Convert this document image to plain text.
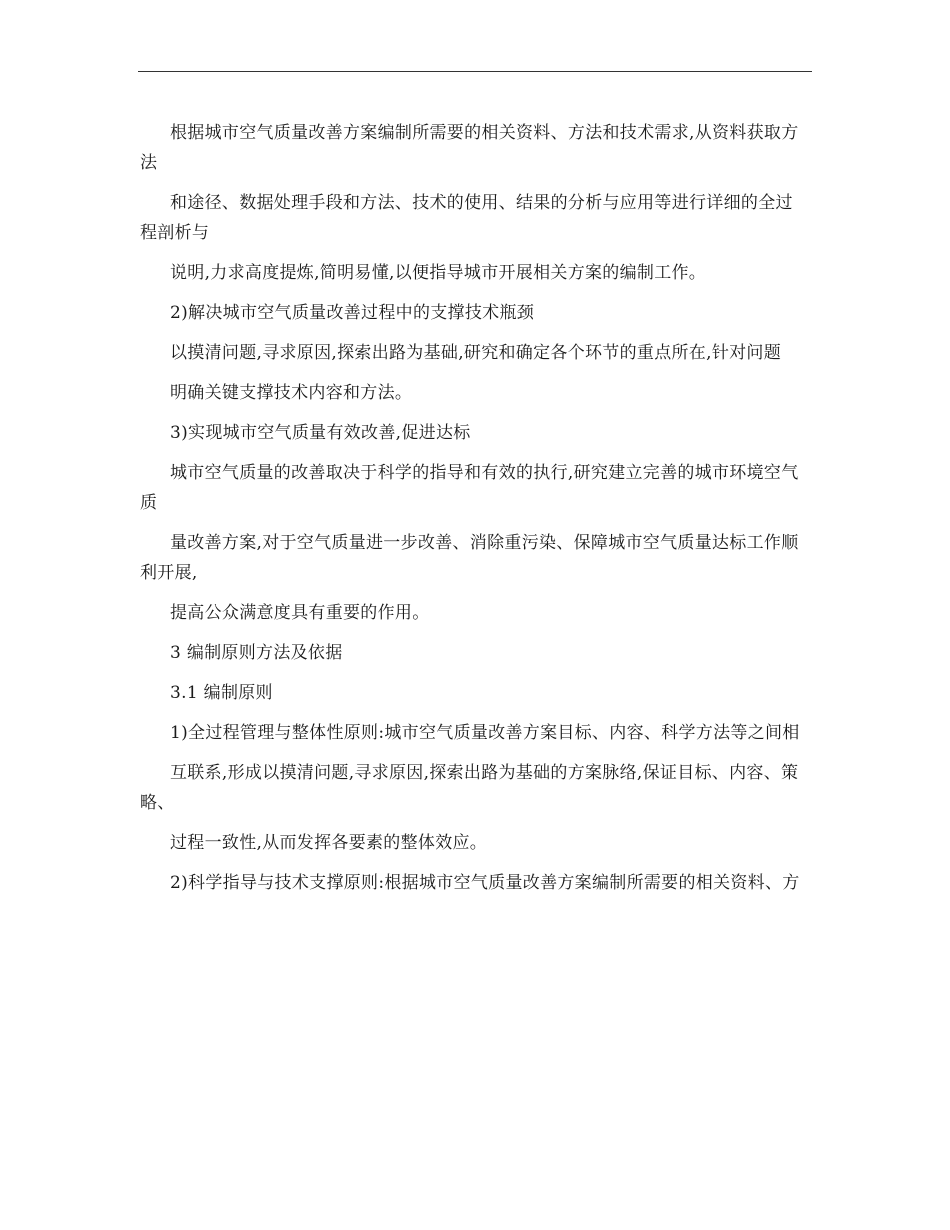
根据城市空气质量改善方案编制所需要的相关资料、方法和技术需求,从资料获取方法

和途径、数据处理手段和方法、技术的使用、结果的分析与应用等进行详细的全过程剖析与

说明,力求高度提炼,简明易懂,以便指导城市开展相关方案的编制工作。

2)解决城市空气质量改善过程中的支撑技术瓶颈

以摸清问题,寻求原因,探索出路为基础,研究和确定各个环节的重点所在,针对问题

明确关键支撑技术内容和方法。

3)实现城市空气质量有效改善,促进达标

城市空气质量的改善取决于科学的指导和有效的执行,研究建立完善的城市环境空气质

量改善方案,对于空气质量进一步改善、消除重污染、保障城市空气质量达标工作顺利开展,

提高公众满意度具有重要的作用。

3 编制原则方法及依据

3.1 编制原则

1)全过程管理与整体性原则:城市空气质量改善方案目标、内容、科学方法等之间相

互联系,形成以摸清问题,寻求原因,探索出路为基础的方案脉络,保证目标、内容、策略、

过程一致性,从而发挥各要素的整体效应。

2)科学指导与技术支撑原则:根据城市空气质量改善方案编制所需要的相关资料、方
